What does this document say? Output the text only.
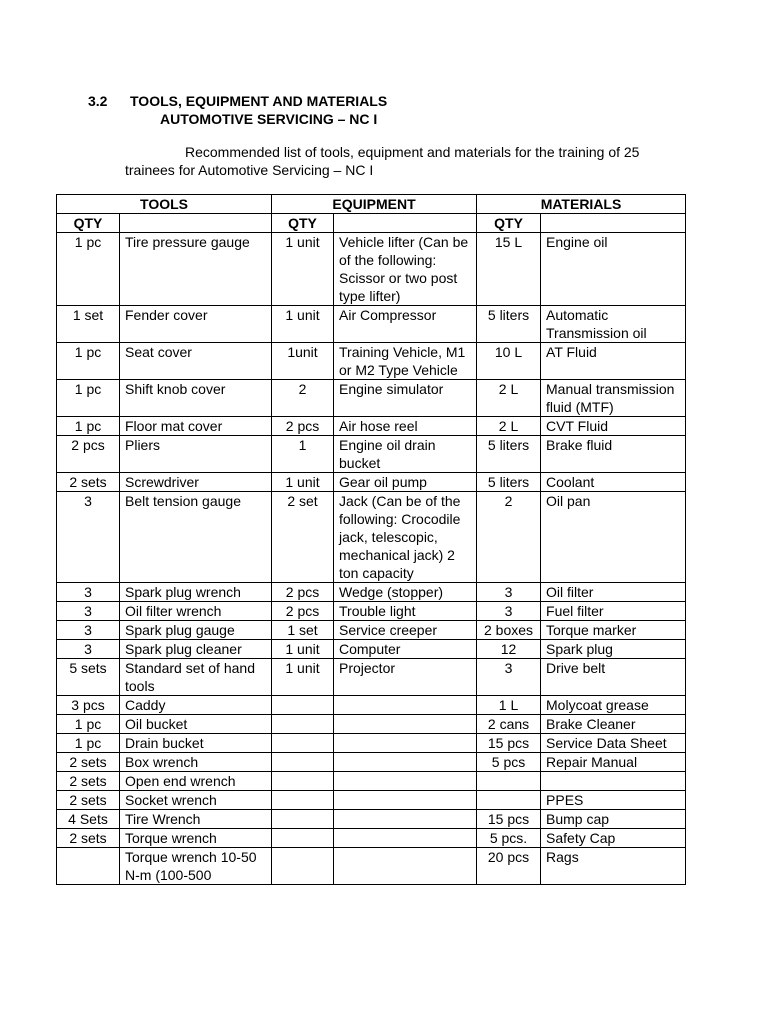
3.2 TOOLS, EQUIPMENT AND MATERIALS
AUTOMOTIVE SERVICING – NC I
Recommended list of tools, equipment and materials for the training of 25
trainees for Automotive Servicing – NC I
TOOLS		EQUIPMENT		MATERIALS	
QTY		QTY		QTY	
1 pc	Tire pressure gauge	1 unit	Vehicle lifter (Can be of the following: Scissor or two post type lifter)	15 L	Engine oil
1 set	Fender cover	1 unit	Air Compressor	5 liters	Automatic Transmission oil
1 pc	Seat cover	1unit	Training Vehicle, M1 or M2 Type Vehicle	10 L	AT Fluid
1 pc	Shift knob cover	2	Engine simulator	2 L	Manual transmission fluid (MTF)
1 pc	Floor mat cover	2 pcs	Air hose reel	2 L	CVT Fluid
2 pcs	Pliers	1	Engine oil drain bucket	5 liters	Brake fluid
2 sets	Screwdriver	1 unit	Gear oil pump	5 liters	Coolant
3	Belt tension gauge	2 set	Jack (Can be of the following: Crocodile jack, telescopic, mechanical jack) 2 ton capacity	2	Oil pan
3	Spark plug wrench	2 pcs	Wedge (stopper)	3	Oil filter
3	Oil filter wrench	2 pcs	Trouble light	3	Fuel filter
3	Spark plug gauge	1 set	Service creeper	2 boxes	Torque marker
3	Spark plug cleaner	1 unit	Computer	12	Spark plug
5 sets	Standard set of hand tools	1 unit	Projector	3	Drive belt
3 pcs	Caddy			1 L	Molycoat grease
1 pc	Oil bucket			2 cans	Brake Cleaner
1 pc	Drain bucket			15 pcs	Service Data Sheet
2 sets	Box wrench			5 pcs	Repair Manual
2 sets	Open end wrench				
2 sets	Socket wrench				PPES
4 Sets	Tire Wrench			15 pcs	Bump cap
2 sets	Torque wrench			5 pcs.	Safety Cap
	Torque wrench 10-50 N-m (100-500			20 pcs	Rags
